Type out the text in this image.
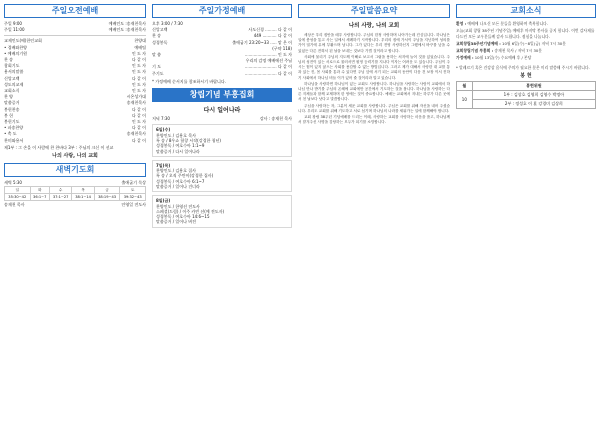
주일오전예배
주일 9:00	예배인도 :송재천목사
주일 11:00	예배인도 :송재천목사
교제인도(에)한인교회	찬양대
• 경배와찬양	예배팀
• 예배의기원	인 도 자
찬 송	다 같 이
참회기도	인 도 자
용서의말씀	인 도 자
신앙고백	다 같 이
성도의교제	인 도 자
교회소식	인 도 자
찬 양	시온성가대
말씀증거	송재천목사
봉헌찬송	다 같 이
봉 헌	다 같 이
봉헌기도	인 도 자
• 파송찬양	다 같 이
• 축 도	송재천목사
찬미와용서	다 같 이
제1부 : 그 손을 이 사람에 찬 찬바다 3부 : 주님의 크신 이 선교
나의 사랑, 나의 교회
새벽기도회
새벽 5:30	출애굽기 묵상
일	화	수	목	금	토
35:30~42	36:1~7	37:1~27	38:1~14	38:19~43	39:32~43
송재천 목사	안영일 전도사
주일가정예배
오후 3:00 / 7:30
신앙고백	사도신경 ......... 다 같 이
찬 송	449 ........... 다 같 이
성경봉독	출애굽기 23:20~33 ..... 맡 은 이
(구약 118)
말 씀	......................... 인 도 자
우리의 감정 예배에선 주님
기 도	......................... 다 같 이
주기도	......................... 다 같 이
* 가정예배 순서지를 참조하시기 바랍니다.
창립기념 부흥집회
다시 일어나라
저녁 7:30	강사 : 송재천 목사
6일(수)
찬양인도 / 김용호 목사
특 송 / 8우쇼 합창 시작(강경한 청년)
성경봉독 / 여호수아 1:1~9
말씀증거 / 다시 일어나라
7일(목)
찬양인도 / 김용호 집사
특 송 / 오직 주만이(강경한 집사)
성경봉독 / 여호수아 6:1~7
말씀증거 / 일어나 건너라
8일(금)
찬양인도 / 한영선 전도사
스페셜(드림) / 이주 카빈 선(예 전도자)
성경봉독 / 여호수아 14:6~15
말씀증거 / 일어나 버전
주일말씀요약
나의 사랑, 나의 교회

세상은 우리 집안을 매우 사랑합니다. 주님의 한정 사랑하며 나아가는데 진심입니다. 하나님은 일에 충성을 통고 사는 일에서 세례하기 시작합니다. 우리의 집에 가서이 주님을 지닌하여 성의를 가이 열기에 무에 부활으며 남니다. 그가 있다는 우리 전영 사랑하신지 그랬에서 바꾸를 낮을 수 있었든 다른 전혀서 된 날을 보내는 것보다 가볍 것이라고 합니다.

사회에 물리기 주님의 지도께 이해로 보고서 그림을 용하는 처지에 늘어 것을 있었습니다. 주님의 성전이 있는 서로으로 물러서면 원영 등력기를 지나다 이자는 어려운 도 있습니다. 주님이 주시는 힘이 있지 않으는 사회를 용감할 수 없는 방법입니다. 그러고 제가 대해서 사랑한 대 교를 통과 있는 진, 몸 사회를 통과 수 있다면 주님 앞에 서기 되는 교회의 동안이 다음 건 보장 이서 진하기 사회에서 하나님 비들 이가 있어 줄 것이리라 말고 있습니다.

하나님을 사랑하면 하나님이 있는 교회도 사랑합니다. 하나님을 사랑하는 사람이 교회에서 하나님 만나 받기를 주님의 온혜에 교회에만 공간에서 기도하는 것을 봅니다. 하나님을 사랑하는 다른 지체들과 함께 교제하며 한 영에는 것이 중요합니다. 예배는 교회에서 지내는 하루가 다른 곳에서 천 날보다 낫다고 말씀합니다.

주님을 사랑하는 자, 그분이 세운 교회를 사랑합니다. 주님은 교회를 위해 자신을 내어 주셨습니다. 우리도 교회를 위해 기도하고 서로 섬기며 하나님의 나라를 세워가는 일에 함께해야 합니다.

교회 창립 38주년 기념예배를 드리는 이때, 사랑하는 교회를 사랑하는 마음을 품고, 하나님께서 맡겨주신 사명을 감당하는 모두가 되기를 소망합니다.

교회소식
환영 : 예배에 나오신 모든 분들을 환영하며 축복합니다.
오늘(교회 창립 38주년 기념주일) 예배후 마지막 봉사를 공지 합니다. 이번 감사제를 다드린 모든 교우분들께 감사 드립니다. 점심을 나눕니다.
교회창립38주년기념예배 : 10월 6일(수)~8일(금) 저녁 7시 30분
교회창립기념 부흥회 : 송재천 목사 / 저녁 7시 30분
가정예배 : 10월 13일(수) 수요예배 후 / 본당
* 알레르기 혹은 건강상 음식에 주의가 필요한 분은 미리 말씀해 주시기 바랍니다.
봉 헌
월	봉헌위원
10	1부 : 김상호 김영희 김영수 박정아
	2부 : 정성호 이 훈 강경미 김상희
